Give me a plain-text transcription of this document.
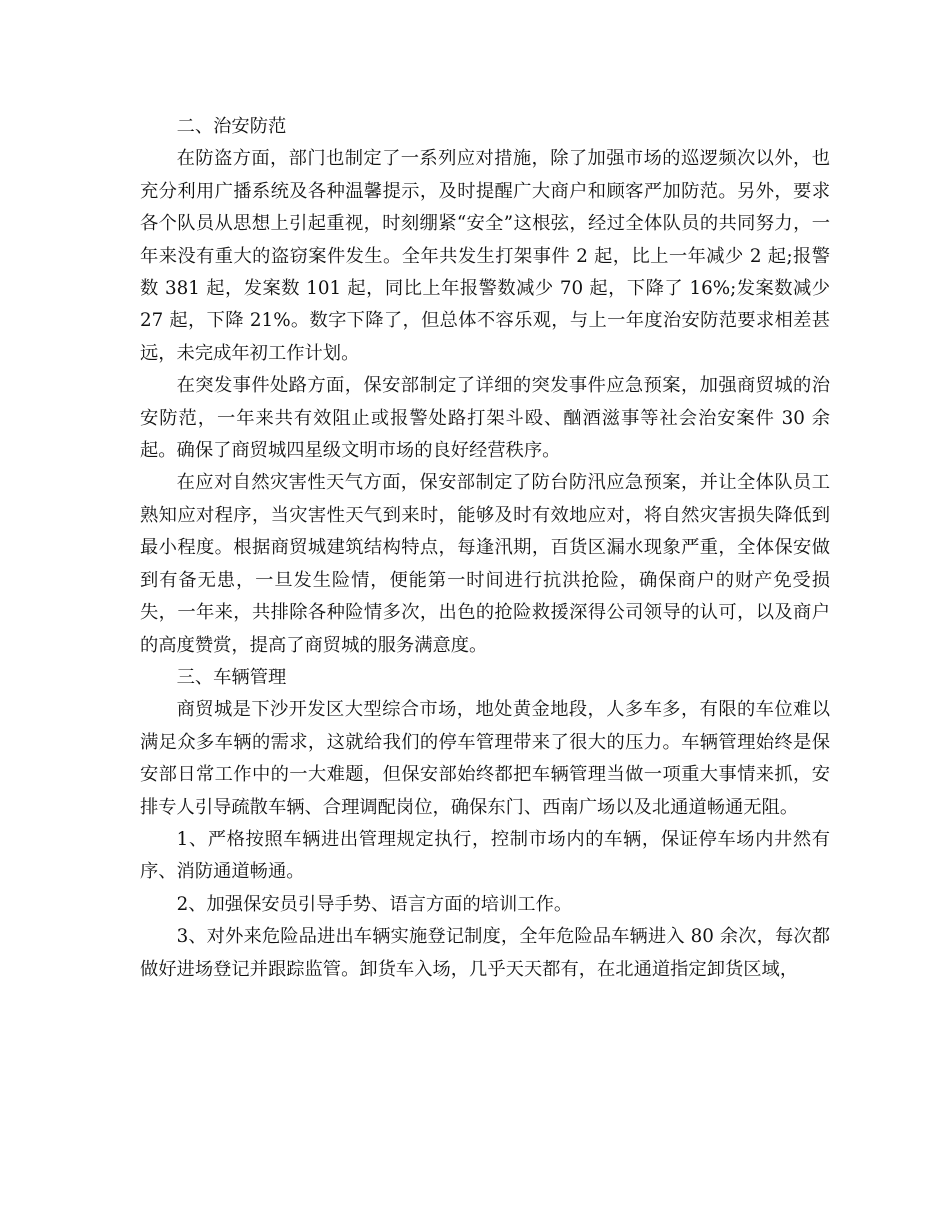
二、治安防范

在防盗方面，部门也制定了一系列应对措施，除了加强市场的巡逻频次以外，也充分利用广播系统及各种温馨提示，及时提醒广大商户和顾客严加防范。另外，要求各个队员从思想上引起重视，时刻绷紧“安全”这根弦，经过全体队员的共同努力，一年来没有重大的盗窃案件发生。全年共发生打架事件 2 起，比上一年减少 2 起;报警数 381 起，发案数 101 起，同比上年报警数减少 70 起，下降了 16%;发案数减少 27 起，下降 21%。数字下降了，但总体不容乐观，与上一年度治安防范要求相差甚远，未完成年初工作计划。

在突发事件处路方面，保安部制定了详细的突发事件应急预案，加强商贸城的治安防范，一年来共有效阻止或报警处路打架斗殴、酗酒滋事等社会治安案件 30 余起。确保了商贸城四星级文明市场的良好经营秩序。

在应对自然灾害性天气方面，保安部制定了防台防汛应急预案，并让全体队员工熟知应对程序，当灾害性天气到来时，能够及时有效地应对，将自然灾害损失降低到最小程度。根据商贸城建筑结构特点，每逢汛期，百货区漏水现象严重，全体保安做到有备无患，一旦发生险情，便能第一时间进行抗洪抢险，确保商户的财产免受损失，一年来，共排除各种险情多次，出色的抢险救援深得公司领导的认可，以及商户的高度赞赏，提高了商贸城的服务满意度。

三、车辆管理

商贸城是下沙开发区大型综合市场，地处黄金地段，人多车多，有限的车位难以满足众多车辆的需求，这就给我们的停车管理带来了很大的压力。车辆管理始终是保安部日常工作中的一大难题，但保安部始终都把车辆管理当做一项重大事情来抓，安排专人引导疏散车辆、合理调配岗位，确保东门、西南广场以及北通道畅通无阻。

1、严格按照车辆进出管理规定执行，控制市场内的车辆，保证停车场内井然有序、消防通道畅通。

2、加强保安员引导手势、语言方面的培训工作。

3、对外来危险品进出车辆实施登记制度，全年危险品车辆进入 80 余次，每次都做好进场登记并跟踪监管。卸货车入场，几乎天天都有，在北通道指定卸货区域，
